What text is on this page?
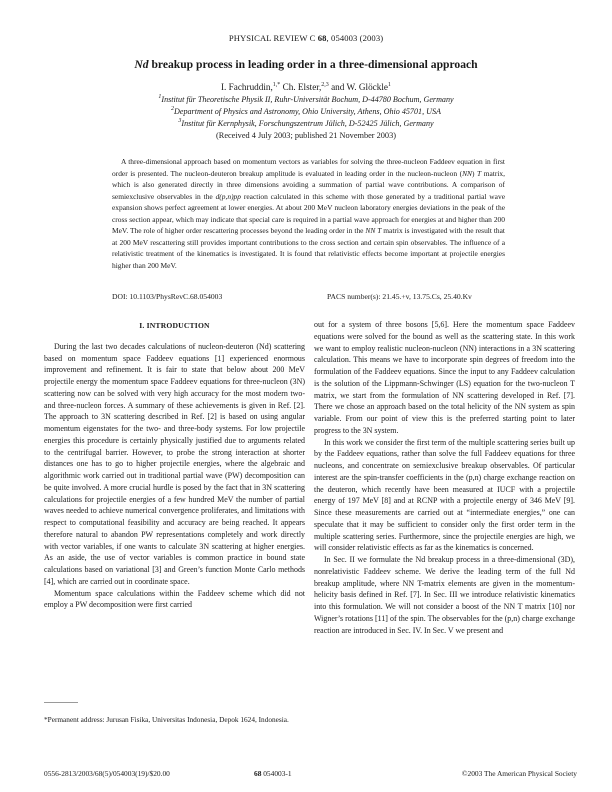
PHYSICAL REVIEW C 68, 054003 (2003)
Nd breakup process in leading order in a three-dimensional approach
I. Fachruddin,$^{1,*}$ Ch. Elster,$^{2,3}$ and W. Glöckle$^1$
$^1$Institut für Theoretische Physik II, Ruhr-Universität Bochum, D-44780 Bochum, Germany
$^2$Department of Physics and Astronomy, Ohio University, Athens, Ohio 45701, USA
$^3$Institut für Kernphysik, Forschungszentrum Jülich, D-52425 Jülich, Germany
(Received 4 July 2003; published 21 November 2003)
A three-dimensional approach based on momentum vectors as variables for solving the three-nucleon Faddeev equation in first order is presented. The nucleon-deuteron breakup amplitude is evaluated in leading order in the nucleon-nucleon (NN) T matrix, which is also generated directly in three dimensions avoiding a summation of partial wave contributions. A comparison of semiexclusive observables in the d(p,n)pp reaction calculated in this scheme with those generated by a traditional partial wave expansion shows perfect agreement at lower energies. At about 200 MeV nucleon laboratory energies deviations in the peak of the cross section appear, which may indicate that special care is required in a partial wave approach for energies at and higher than 200 MeV. The role of higher order rescattering processes beyond the leading order in the NN T matrix is investigated with the result that at 200 MeV rescattering still provides important contributions to the cross section and certain spin observables. The influence of a relativistic treatment of the kinematics is investigated. It is found that relativistic effects become important at projectile energies higher than 200 MeV.
DOI: 10.1103/PhysRevC.68.054003	PACS number(s): 21.45.+v, 13.75.Cs, 25.40.Kv
I. INTRODUCTION

During the last two decades calculations of nucleon-deuteron (Nd) scattering based on momentum space Faddeev equations [1] experienced enormous improvement and refinement. It is fair to state that below about 200 MeV projectile energy the momentum space Faddeev equations for three-nucleon (3N) scattering now can be solved with very high accuracy for the most modern two- and three-nucleon forces. A summary of these achievements is given in Ref. [2]. The approach to 3N scattering described in Ref. [2] is based on using angular momentum eigenstates for the two- and three-body systems. For low projectile energies this procedure is certainly physically justified due to arguments related to the centrifugal barrier. However, to probe the strong interaction at shorter distances one has to go to higher projectile energies, where the algebraic and algorithmic work carried out in traditional partial wave (PW) decomposition can be quite involved. A more crucial hurdle is posed by the fact that in 3N scattering calculations for projectile energies of a few hundred MeV the number of partial waves needed to achieve numerical convergence proliferates, and limitations with respect to computational feasibility and accuracy are being reached. It appears therefore natural to abandon PW representations completely and work directly with vector variables, if one wants to calculate 3N scattering at higher energies. As an aside, the use of vector variables is common practice in bound state calculations based on variational [3] and Green’s function Monte Carlo methods [4], which are carried out in coordinate space.

Momentum space calculations within the Faddeev scheme which did not employ a PW decomposition were first carried

out for a system of three bosons [5,6]. Here the momentum space Faddeev equations were solved for the bound as well as the scattering state. In this work we want to employ realistic nucleon-nucleon (NN) interactions in a 3N scattering calculation. This means we have to incorporate spin degrees of freedom into the formulation of the Faddeev equations. Since the input to any Faddeev calculation is the solution of the Lippmann-Schwinger (LS) equation for the two-nucleon T matrix, we start from the formulation of NN scattering developed in Ref. [7]. There we chose an approach based on the total helicity of the NN system as spin variable. From our point of view this is the preferred starting point to later progress to the 3N system.

In this work we consider the first term of the multiple scattering series built up by the Faddeev equations, rather than solve the full Faddeev equations for three nucleons, and concentrate on semiexclusive breakup observables. Of particular interest are the spin-transfer coefficients in the (p,n) charge exchange reaction on the deuteron, which recently have been measured at IUCF with a projectile energy of 197 MeV [8] and at RCNP with a projectile energy of 346 MeV [9]. Since these measurements are carried out at “intermediate energies,” one can speculate that it may be sufficient to consider only the first order term in the multiple scattering series. Furthermore, since the projectile energies are high, we will consider relativistic effects as far as the kinematics is concerned.

In Sec. II we formulate the Nd breakup process in a three-dimensional (3D), nonrelativistic Faddeev scheme. We derive the leading term of the full Nd breakup amplitude, where NN T-matrix elements are given in the momentum-helicity basis defined in Ref. [7]. In Sec. III we introduce relativistic kinematics into this formulation. We will not consider a boost of the NN T matrix [10] nor Wigner’s rotations [11] of the spin. The observables for the (p,n) charge exchange reaction are introduced in Sec. IV. In Sec. V we present and

*Permanent address: Jurusan Fisika, Universitas Indonesia, Depok 1624, Indonesia.
0556-2813/2003/68(5)/054003(19)/$20.00	68 054003-1	©2003 The American Physical Society
